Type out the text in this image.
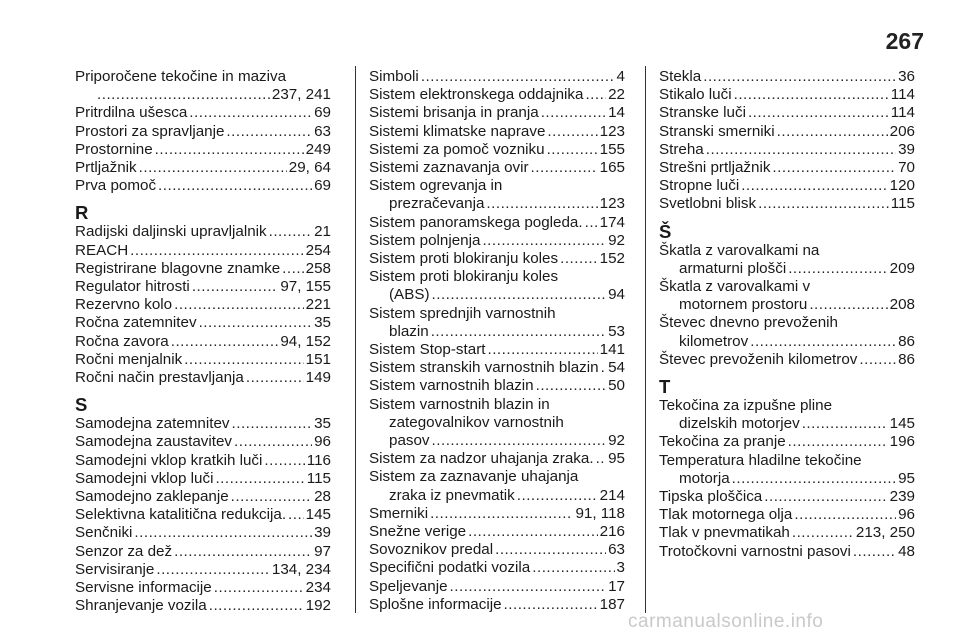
267
Priporočene tekočine in maziva
.....
237, 241
Pritrdilna ušesca .....	69
Prostori za spravljanje .....	63
Prostornine .....	249
Prtljažnik .....	29, 64
Prva pomoč .....	69
R
Radijski daljinski upravljalnik .....	21
REACH .....	254
Registrirane blagovne znamke ..... 258
Regulator hitrosti .....	97, 155
Rezervno kolo .....	221
Ročna zatemnitev .....	35
Ročna zavora .....	94, 152
Ročni menjalnik .....	151
Ročni način prestavljanja .....	149
S
Samodejna zatemnitev .....	35
Samodejna zaustavitev .....	96
Samodejni vklop kratkih luči .....	116
Samodejni vklop luči .....	115
Samodejno zaklepanje .....	28
Selektivna katalitična redukcija. ..... 145
Senčniki .....	39
Senzor za dež .....	97
Servisiranje .....	134, 234
Servisne informacije .....	234
Shranjevanje vozila .....	192
Simboli .....	4
Sistem elektronskega oddajnika ..... 22
Sistemi brisanja in pranja .....	14
Sistemi klimatske naprave .....	123
Sistemi za pomoč vozniku .....	155
Sistemi zaznavanja ovir .....	165
Sistem ogrevanja in
prezračevanja .....	123
Sistem panoramskega pogleda. ..... 174
Sistem polnjenja .....	92
Sistem proti blokiranju koles .....	152
Sistem proti blokiranju koles
(ABS) .....	94
Sistem sprednjih varnostnih
blazin .....	53
Sistem Stop-start .....	141
Sistem stranskih varnostnih blazin ..... 54
Sistem varnostnih blazin .....	50
Sistem varnostnih blazin in
zategovalnikov varnostnih
pasov .....	92
Sistem za nadzor uhajanja zraka. ..... 95
Sistem za zaznavanje uhajanja
zraka iz pnevmatik .....	214
Smerniki .....	91, 118
Snežne verige .....	216
Sovoznikov predal .....	63
Specifični podatki vozila .....	3
Speljevanje .....	17
Splošne informacije .....	187
Stekla .....	36
Stikalo luči .....	114
Stranske luči .....	114
Stranski smerniki .....	206
Streha .....	39
Strešni prtljažnik .....	70
Stropne luči .....	120
Svetlobni blisk .....	115
Š
Škatla z varovalkami na
armaturni plošči .....	209
Škatla z varovalkami v
motornem prostoru .....	208
Števec dnevno prevoženih
kilometrov .....	86
Števec prevoženih kilometrov .....	86
T
Tekočina za izpušne pline
dizelskih motorjev .....	145
Tekočina za pranje .....	196
Temperatura hladilne tekočine
motorja .....	95
Tipska ploščica .....	239
Tlak motornega olja .....	96
Tlak v pnevmatikah .....	213, 250
Trotočkovni varnostni pasovi .....	48
carmanualsonline.info
